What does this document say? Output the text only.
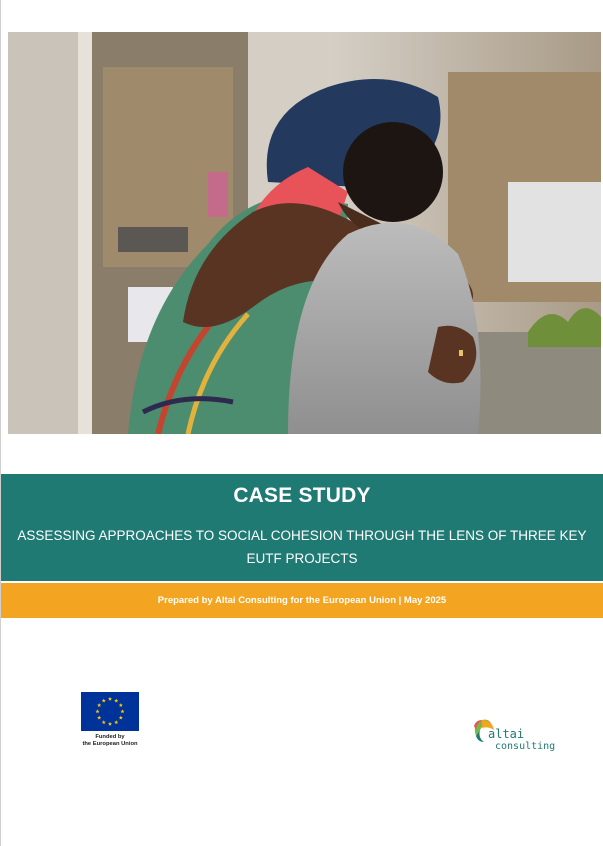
CASE STUDY
ASSESSING APPROACHES TO SOCIAL COHESION THROUGH THE LENS OF THREE KEY EUTF PROJECTS
Prepared by Altai Consulting for the European Union | May 2025
Funded by
the European Union
altai
consulting
